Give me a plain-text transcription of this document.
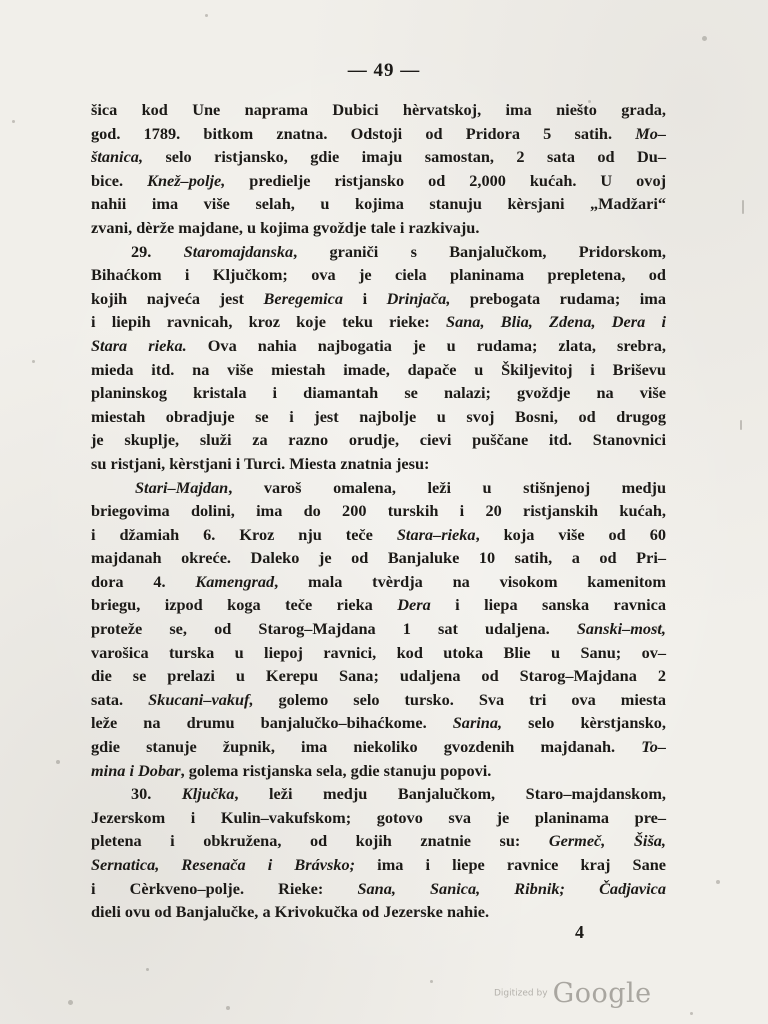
— 49 —
šica kod Une naprama Dubici hèrvatskoj, ima niešto grada,
god. 1789. bitkom znatna. Odstoji od Pridora 5 satih. Mo–
štanica, selo ristjansko, gdie imaju samostan, 2 sata od Du–
bice. Knež–polje, predielje ristjansko od 2,000 kućah. U ovoj
nahii ima više selah, u kojima stanuju kèrsjani „Madžari“
zvani, dèrže majdane, u kojima gvoždje tale i razkivaju.
29. Staromajdanska, graniči s Banjalučkom, Pridorskom,
Bihaćkom i Ključkom; ova je ciela planinama prepletena, od
kojih najveća jest Beregemica i Drinjača, prebogata rudama; ima
i liepih ravnicah, kroz koje teku rieke: Sana, Blia, Zdena, Dera i
Stara rieka. Ova nahia najbogatia je u rudama; zlata, srebra,
mieda itd. na više miestah imade, dapače u Škiljevitoj i Briševu
planinskog kristala i diamantah se nalazi; gvoždje na više
miestah obradjuje se i jest najbolje u svoj Bosni, od drugog
je skuplje, služi za razno orudje, cievi puščane itd. Stanovnici
su ristjani, kèrstjani i Turci. Miesta znatnia jesu:
Stari–Majdan, varoš omalena, leži u stišnjenoj medju
briegovima dolini, ima do 200 turskih i 20 ristjanskih kućah,
i džamiah 6. Kroz nju teče Stara–rieka, koja više od 60
majdanah okreće. Daleko je od Banjaluke 10 satih, a od Pri–
dora 4. Kamengrad, mala tvèrdja na visokom kamenitom
briegu, izpod koga teče rieka Dera i liepa sanska ravnica
proteže se, od Starog–Majdana 1 sat udaljena. Sanski–most,
varošica turska u liepoj ravnici, kod utoka Blie u Sanu; ov–
die se prelazi u Kerepu Sana; udaljena od Starog–Majdana 2
sata. Skucani–vakuf, golemo selo tursko. Sva tri ova miesta
leže na drumu banjalučko–bihaćkome. Sarina, selo kèrstjansko,
gdie stanuje župnik, ima niekoliko gvozdenih majdanah. To–
mina i Dobar, golema ristjanska sela, gdie stanuju popovi.
30. Ključka, leži medju Banjalučkom, Staro–majdanskom,
Jezerskom i Kulin–vakufskom; gotovo sva je planinama pre–
pletena i obkružena, od kojih znatnie su: Germeč, Šiša,
Sernatica, Resenača i Brávsko; ima i liepe ravnice kraj Sane
i Cèrkveno–polje. Rieke: Sana, Sanica, Ribnik; Čadjavica
dieli ovu od Banjalučke, a Krivokučka od Jezerske nahie.
4
Digitized by Google
